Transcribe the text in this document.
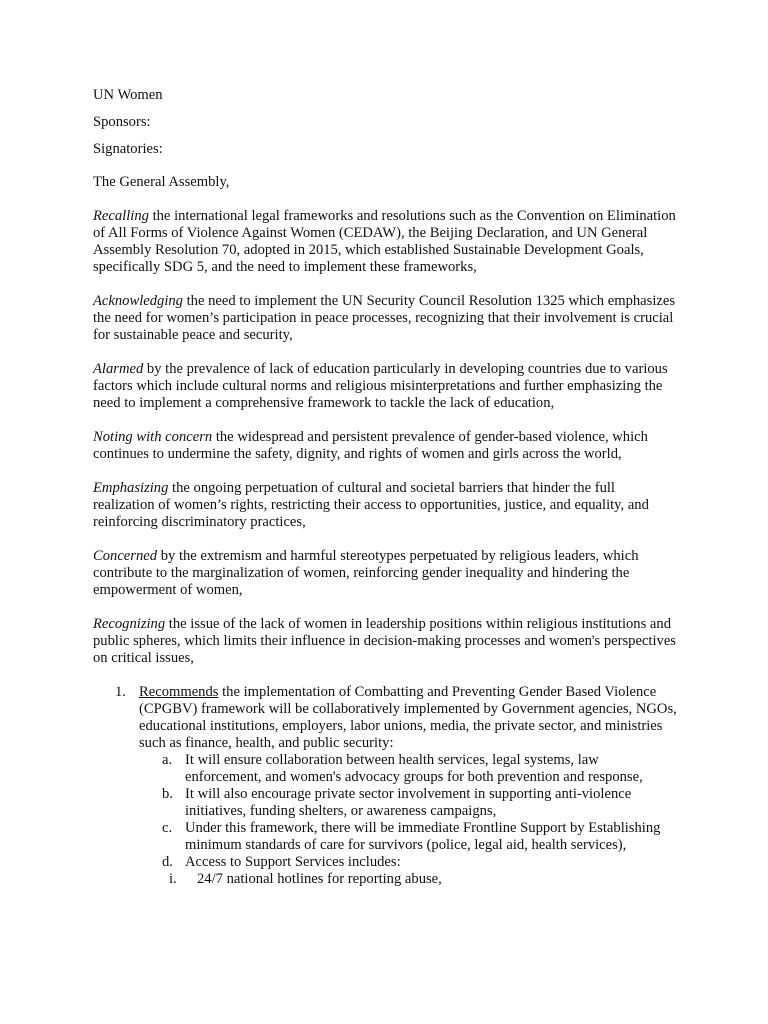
UN Women

Sponsors:

Signatories:

The General Assembly,

Recalling the international legal frameworks and resolutions such as the Convention on Elimination of All Forms of Violence Against Women (CEDAW), the Beijing Declaration, and UN General Assembly Resolution 70, adopted in 2015, which established Sustainable Development Goals, specifically SDG 5, and the need to implement these frameworks,

Acknowledging the need to implement the UN Security Council Resolution 1325 which emphasizes the need for women’s participation in peace processes, recognizing that their involvement is crucial for sustainable peace and security,

Alarmed by the prevalence of lack of education particularly in developing countries due to various factors which include cultural norms and religious misinterpretations and further emphasizing the need to implement a comprehensive framework to tackle the lack of education,

Noting with concern the widespread and persistent prevalence of gender-based violence, which continues to undermine the safety, dignity, and rights of women and girls across the world,

Emphasizing the ongoing perpetuation of cultural and societal barriers that hinder the full realization of women’s rights, restricting their access to opportunities, justice, and equality, and reinforcing discriminatory practices,

Concerned by the extremism and harmful stereotypes perpetuated by religious leaders, which contribute to the marginalization of women, reinforcing gender inequality and hindering the empowerment of women,

Recognizing the issue of the lack of women in leadership positions within religious institutions and public spheres, which limits their influence in decision-making processes and women's perspectives on critical issues,

1. Recommends the implementation of Combatting and Preventing Gender Based Violence (CPGBV) framework will be collaboratively implemented by Government agencies, NGOs, educational institutions, employers, labor unions, media, the private sector, and ministries such as finance, health, and public security:
a. It will ensure collaboration between health services, legal systems, law enforcement, and women's advocacy groups for both prevention and response,
b. It will also encourage private sector involvement in supporting anti-violence initiatives, funding shelters, or awareness campaigns,
c. Under this framework, there will be immediate Frontline Support by Establishing minimum standards of care for survivors (police, legal aid, health services),
d. Access to Support Services includes:
i. 24/7 national hotlines for reporting abuse,
